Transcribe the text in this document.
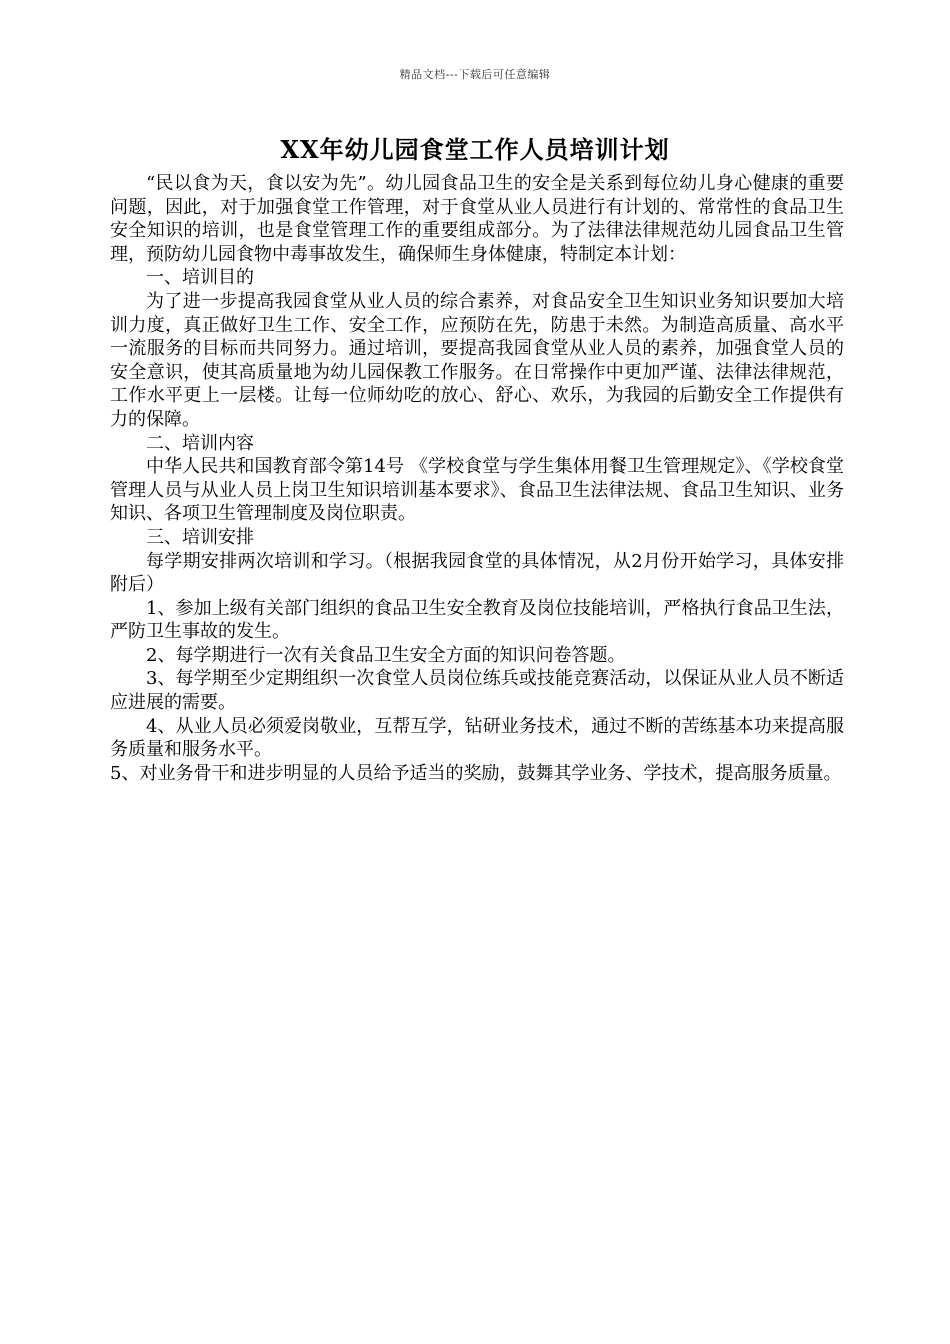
精品文档---下载后可任意编辑
XX年幼儿园食堂工作人员培训计划

“民以食为天，食以安为先”。幼儿园食品卫生的安全是关系到每位幼儿身心健康的重要问题，因此，对于加强食堂工作管理，对于食堂从业人员进行有计划的、常常性的食品卫生安全知识的培训，也是食堂管理工作的重要组成部分。为了法律法律规范幼儿园食品卫生管理，预防幼儿园食物中毒事故发生，确保师生身体健康，特制定本计划：

一、培训目的

为了进一步提高我园食堂从业人员的综合素养，对食品安全卫生知识业务知识要加大培训力度，真正做好卫生工作、安全工作，应预防在先，防患于未然。为制造高质量、高水平一流服务的目标而共同努力。通过培训，要提高我园食堂从业人员的素养，加强食堂人员的安全意识，使其高质量地为幼儿园保教工作服务。在日常操作中更加严谨、法律法律规范，工作水平更上一层楼。让每一位师幼吃的放心、舒心、欢乐，为我园的后勤安全工作提供有力的保障。

二、培训内容

中华人民共和国教育部令第14号 《学校食堂与学生集体用餐卫生管理规定》、《学校食堂管理人员与从业人员上岗卫生知识培训基本要求》、食品卫生法律法规、食品卫生知识、业务知识、各项卫生管理制度及岗位职责。

三、培训安排

每学期安排两次培训和学习。（根据我园食堂的具体情况，从2月份开始学习，具体安排附后）

1、参加上级有关部门组织的食品卫生安全教育及岗位技能培训，严格执行食品卫生法，严防卫生事故的发生。

2、每学期进行一次有关食品卫生安全方面的知识问卷答题。

3、每学期至少定期组织一次食堂人员岗位练兵或技能竞赛活动，以保证从业人员不断适应进展的需要。

4、从业人员必须爱岗敬业，互帮互学，钻研业务技术，通过不断的苦练基本功来提高服务质量和服务水平。

5、对业务骨干和进步明显的人员给予适当的奖励，鼓舞其学业务、学技术，提高服务质量。
